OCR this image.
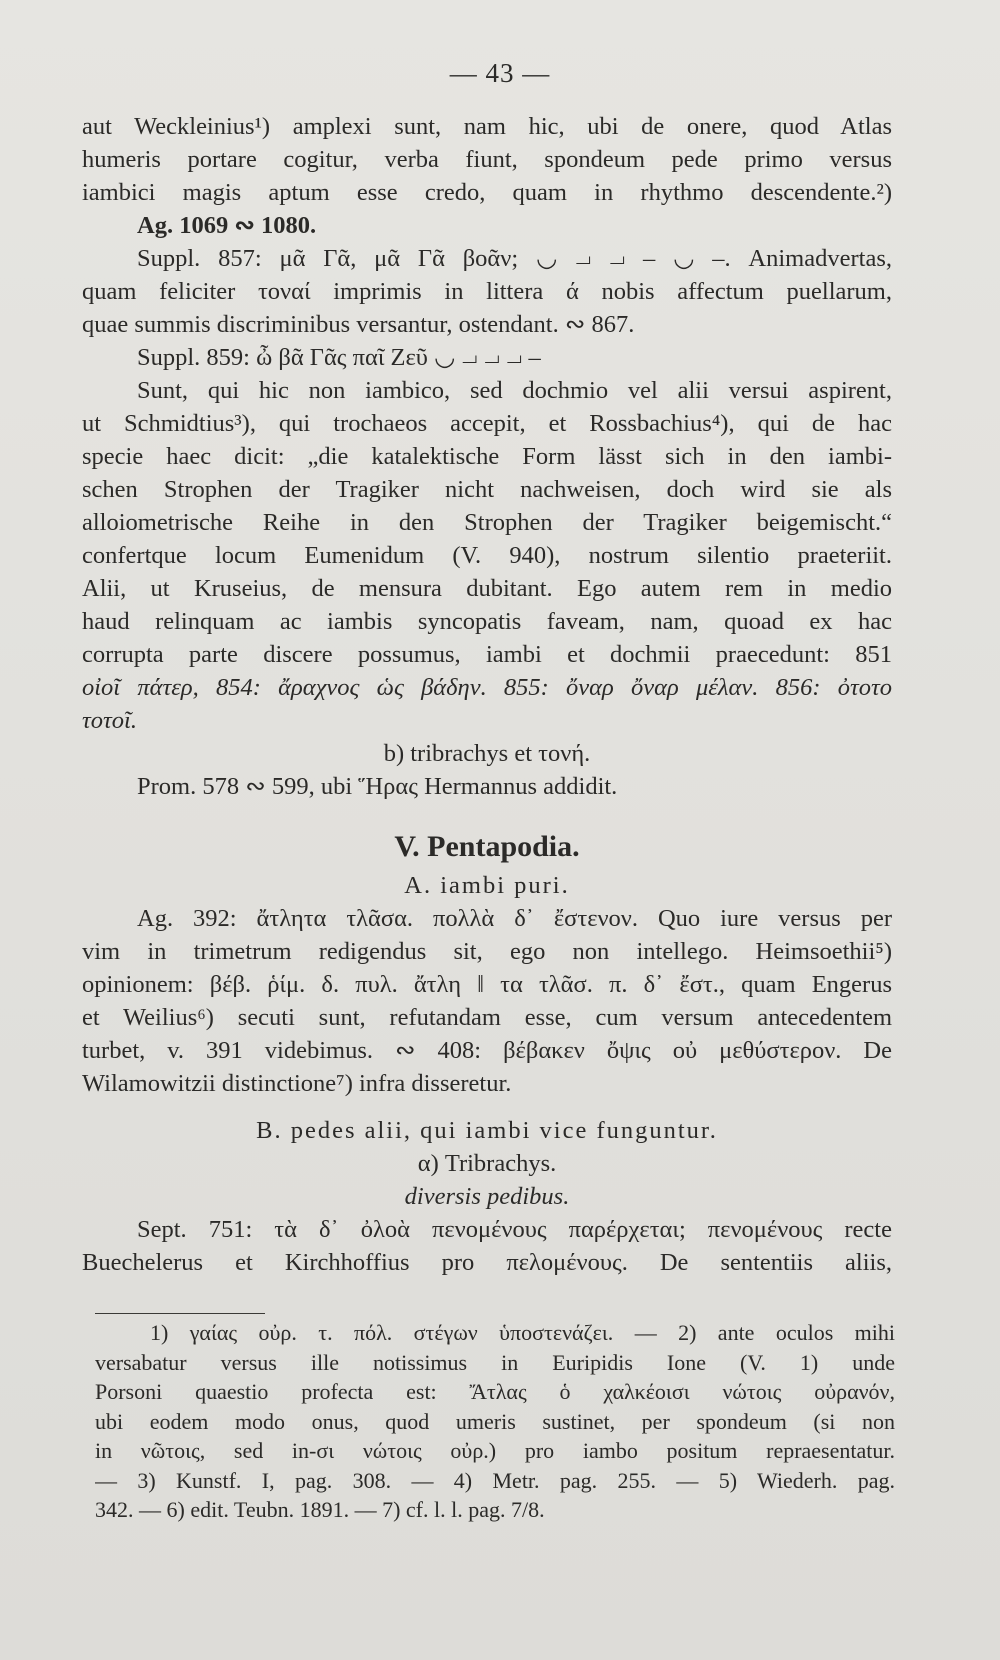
— 43 —
aut Weckleinius¹) amplexi sunt, nam hic, ubi de onere, quod Atlas
humeris portare cogitur, verba fiunt, spondeum pede primo versus
iambici magis aptum esse credo, quam in rhythmo descendente.²)
Ag. 1069 ∾ 1080.
Suppl. 857: μᾶ Γᾶ, μᾶ Γᾶ βοᾶν; ◡ ⏗ ⏗ – ◡ –. Animadvertas,
quam feliciter τοναί imprimis in littera ά nobis affectum puellarum,
quae summis discriminibus versantur, ostendant. ∾ 867.
Suppl. 859: ὦ βᾶ Γᾶς παῖ Ζεῦ ◡ ⏗ ⏗ ⏗ –
Sunt, qui hic non iambico, sed dochmio vel alii versui aspirent,
ut Schmidtius³), qui trochaeos accepit, et Rossbachius⁴), qui de hac
specie haec dicit: „die katalektische Form lässt sich in den iambi-
schen Strophen der Tragiker nicht nachweisen, doch wird sie als
alloiometrische Reihe in den Strophen der Tragiker beigemischt.“
confertque locum Eumenidum (V. 940), nostrum silentio praeteriit.
Alii, ut Kruseius, de mensura dubitant. Ego autem rem in medio
haud relinquam ac iambis syncopatis faveam, nam, quoad ex hac
corrupta parte discere possumus, iambi et dochmii praecedunt: 851
οἰοῖ πάτερ, 854: ἄραχνος ὡς βάδην. 855: ὄναρ ὄναρ μέλαν. 856: ὀτοτο
τοτοῖ.
b) tribrachys et τονή.
Prom. 578 ∾ 599, ubi Ἥρας Hermannus addidit.
V. Pentapodia.
A. iambi puri.
Ag. 392: ἄτλητα τλᾶσα. πολλὰ δ᾽ ἔστενον. Quo iure versus per
vim in trimetrum redigendus sit, ego non intellego. Heimsoethii⁵)
opinionem: βέβ. ῥίμ. δ. πυλ. ἄτλη ‖ τα τλᾶσ. π. δ᾽ ἔστ., quam Engerus
et Weilius⁶) secuti sunt, refutandam esse, cum versum antecedentem
turbet, v. 391 videbimus. ∾ 408: βέβακεν ὄψις οὐ μεθύστερον. De
Wilamowitzii distinctione⁷) infra disseretur.
B. pedes alii, qui iambi vice funguntur.
α) Tribrachys.
diversis pedibus.
Sept. 751: τὰ δ᾽ ὀλοὰ πενομένους παρέρχεται; πενομένους recte
Buechelerus et Kirchhoffius pro πελομένους. De sententiis aliis,
1) γαίας οὐρ. τ. πόλ. στέγων ὑποστενάζει. — 2) ante oculos mihi
versabatur versus ille notissimus in Euripidis Ione (V. 1) unde
Porsoni quaestio profecta est: Ἄτλας ὁ χαλκέοισι νώτοις οὐρανόν,
ubi eodem modo onus, quod umeris sustinet, per spondeum (si non
in νῶτοις, sed in-σι νώτοις οὐρ.) pro iambo positum repraesentatur.
— 3) Kunstf. I, pag. 308. — 4) Metr. pag. 255. — 5) Wiederh. pag.
342. — 6) edit. Teubn. 1891. — 7) cf. l. l. pag. 7/8.
